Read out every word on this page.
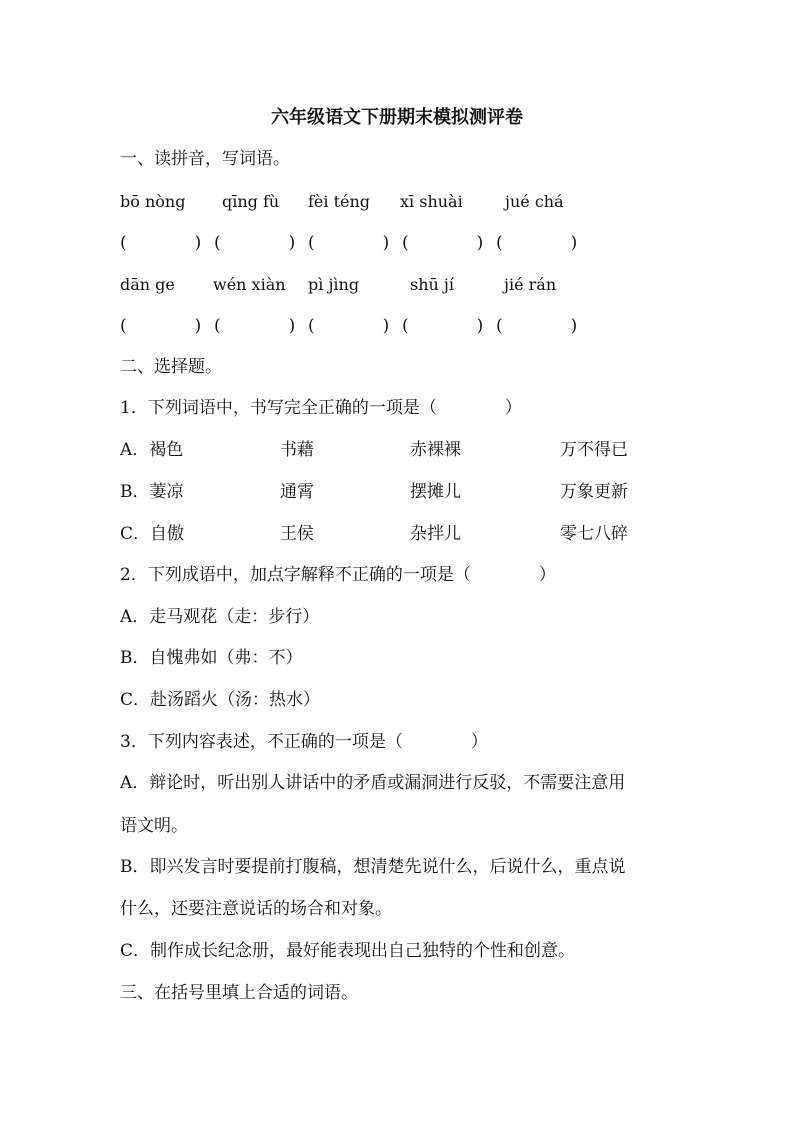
六年级语文下册期末模拟测评卷
一、读拼音，写词语。
bō nòng qīng fù fèi téng xī shuài	jué chá
(　　　　) (　　　　) (　　　　) (　　　　) (　　　　)
dān ge wén xiàn pì jìng	shū jí	jié rán
(　　　　) (　　　　) (　　　　) (　　　　) (　　　　)
二、选择题。
1．下列词语中，书写完全正确的一项是（　　　　）
A．褐色	书藉	赤裸裸	万不得已
B．萋凉	通霄	摆摊儿	万象更新
C．自傲	王侯	杂拌儿	零七八碎
2．下列成语中，加点字解释不正确的一项是（　　　　）
A．走马观花（走：步行）
B．自愧弗如（弗：不）
C．赴汤蹈火（汤：热水）
3．下列内容表述，不正确的一项是（　　　　）
A．辩论时，听出别人讲话中的矛盾或漏洞进行反驳，不需要注意用
语文明。
B．即兴发言时要提前打腹稿，想清楚先说什么，后说什么，重点说
什么，还要注意说话的场合和对象。
C．制作成长纪念册，最好能表现出自己独特的个性和创意。
三、在括号里填上合适的词语。
